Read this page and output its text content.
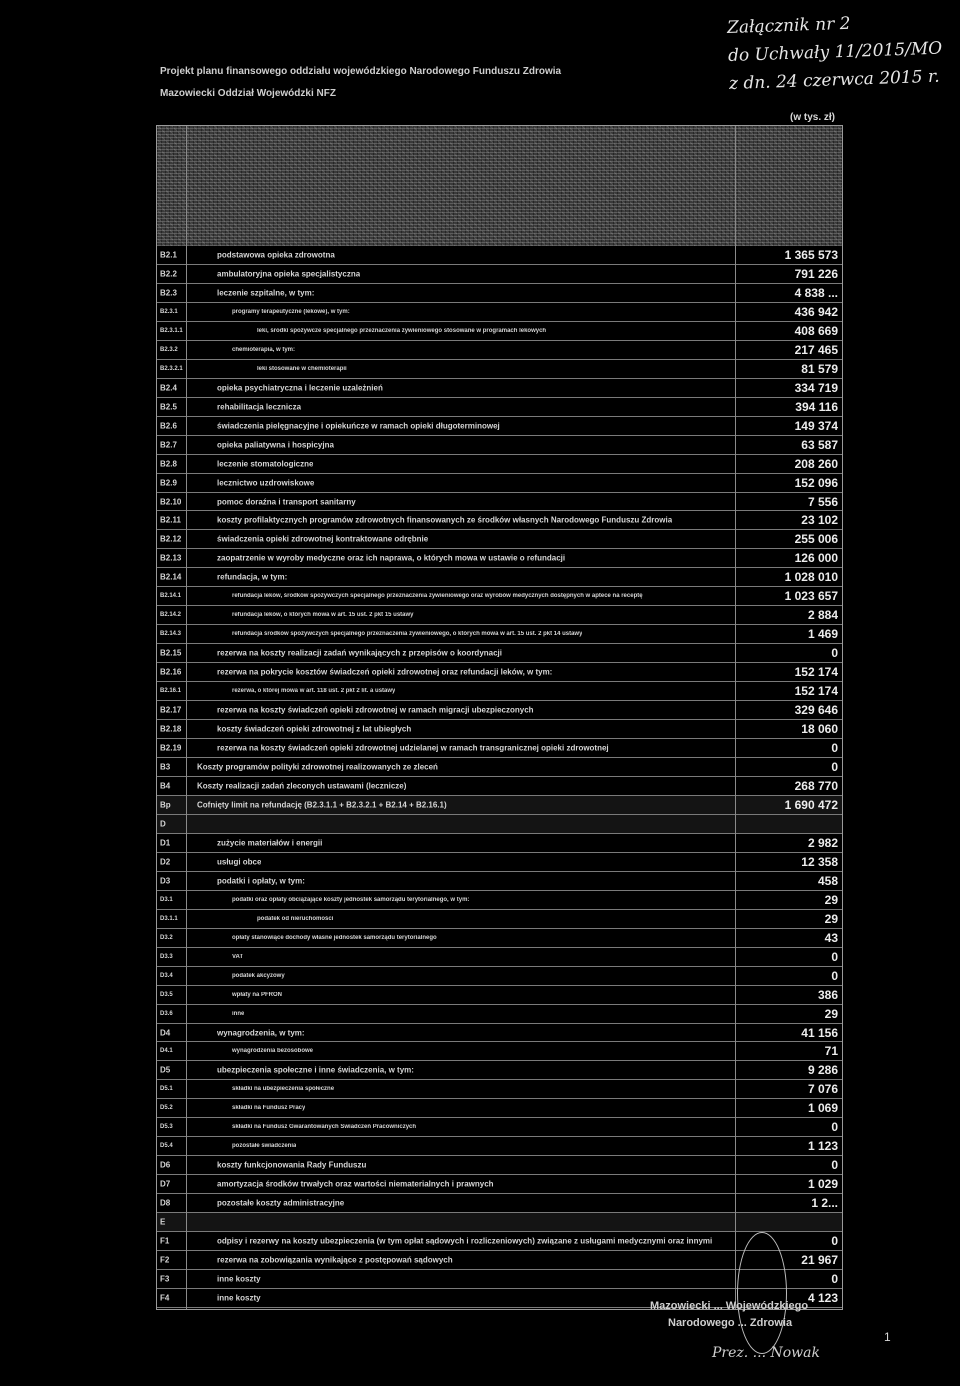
Projekt planu finansowego oddziału wojewódzkiego Narodowego Funduszu Zdrowia
Mazowiecki Oddział Wojewódzki NFZ
Załącznik nr 2
do Uchwały 11/2015/MO
z dn. 24 czerwca 2015 r.
(w tys. zł)
B2.1	podstawowa opieka zdrowotna	1 365 573
B2.2	ambulatoryjna opieka specjalistyczna	791 226
B2.3	leczenie szpitalne, w tym:	4 838 ...
B2.3.1	programy terapeutyczne (lekowe), w tym:	436 942
B2.3.1.1	leki, środki spożywcze specjalnego przeznaczenia żywieniowego stosowane w programach lekowych	408 669
B2.3.2	chemioterapia, w tym:	217 465
B2.3.2.1	leki stosowane w chemioterapii	81 579
B2.4	opieka psychiatryczna i leczenie uzależnień	334 719
B2.5	rehabilitacja lecznicza	394 116
B2.6	świadczenia pielęgnacyjne i opiekuńcze w ramach opieki długoterminowej	149 374
B2.7	opieka paliatywna i hospicyjna	63 587
B2.8	leczenie stomatologiczne	208 260
B2.9	lecznictwo uzdrowiskowe	152 096
B2.10	pomoc doraźna i transport sanitarny	7 556
B2.11	koszty profilaktycznych programów zdrowotnych finansowanych ze środków własnych Narodowego Funduszu Zdrowia	23 102
B2.12	świadczenia opieki zdrowotnej kontraktowane odrębnie	255 006
B2.13	zaopatrzenie w wyroby medyczne oraz ich naprawa, o których mowa w ustawie o refundacji	126 000
B2.14	refundacja, w tym:	1 028 010
B2.14.1	refundacja leków, środków spożywczych specjalnego przeznaczenia żywieniowego oraz wyrobów medycznych dostępnych w aptece na receptę	1 023 657
B2.14.2	refundacja leków, o których mowa w art. 15 ust. 2 pkt 15 ustawy	2 884
B2.14.3	refundacja środków spożywczych specjalnego przeznaczenia żywieniowego, o których mowa w art. 15 ust. 2 pkt 14 ustawy	1 469
B2.15	rezerwa na koszty realizacji zadań wynikających z przepisów o koordynacji	0
B2.16	rezerwa na pokrycie kosztów świadczeń opieki zdrowotnej oraz refundacji leków, w tym:	152 174
B2.16.1	rezerwa, o której mowa w art. 118 ust. 2 pkt 2 lit. a ustawy	152 174
B2.17	rezerwa na koszty świadczeń opieki zdrowotnej w ramach migracji ubezpieczonych	329 646
B2.18	koszty świadczeń opieki zdrowotnej z lat ubiegłych	18 060
B2.19	rezerwa na koszty świadczeń opieki zdrowotnej udzielanej w ramach transgranicznej opieki zdrowotnej	0
B3	Koszty programów polityki zdrowotnej realizowanych ze zleceń	0
B4	Koszty realizacji zadań zleconych ustawami (lecznicze)	268 770
Bp	Cofnięty limit na refundację (B2.3.1.1 + B2.3.2.1 + B2.14 + B2.16.1)	1 690 472
D
D1	zużycie materiałów i energii	2 982
D2	usługi obce	12 358
D3	podatki i opłaty, w tym:	458
D3.1	podatki oraz opłaty obciążające koszty jednostek samorządu terytorialnego, w tym:	29
D3.1.1	podatek od nieruchomości	29
D3.2	opłaty stanowiące dochody własne jednostek samorządu terytorialnego	43
D3.3	VAT	0
D3.4	podatek akcyzowy	0
D3.5	wpłaty na PFRON	386
D3.6	inne	29
D4	wynagrodzenia, w tym:	41 156
D4.1	wynagrodzenia bezosobowe	71
D5	ubezpieczenia społeczne i inne świadczenia, w tym:	9 286
D5.1	składki na ubezpieczenia społeczne	7 076
D5.2	składki na Fundusz Pracy	1 069
D5.3	składki na Fundusz Gwarantowanych Świadczeń Pracowniczych	0
D5.4	pozostałe świadczenia	1 123
D6	koszty funkcjonowania Rady Funduszu	0
D7	amortyzacja środków trwałych oraz wartości niematerialnych i prawnych	1 029
D8	pozostałe koszty administracyjne	1 2...
E
F1	odpisy i rezerwy na koszty ubezpieczenia (w tym opłat sądowych i rozliczeniowych) związane z usługami medycznymi oraz innymi	0
F2	rezerwa na zobowiązania wynikające z postępowań sądowych	21 967
F3	inne koszty	0
F4	inne koszty	4 123
Mazowiecki ... Wojewódzkiego
Narodowego ... Zdrowia
Prez. ... Nowak
1
